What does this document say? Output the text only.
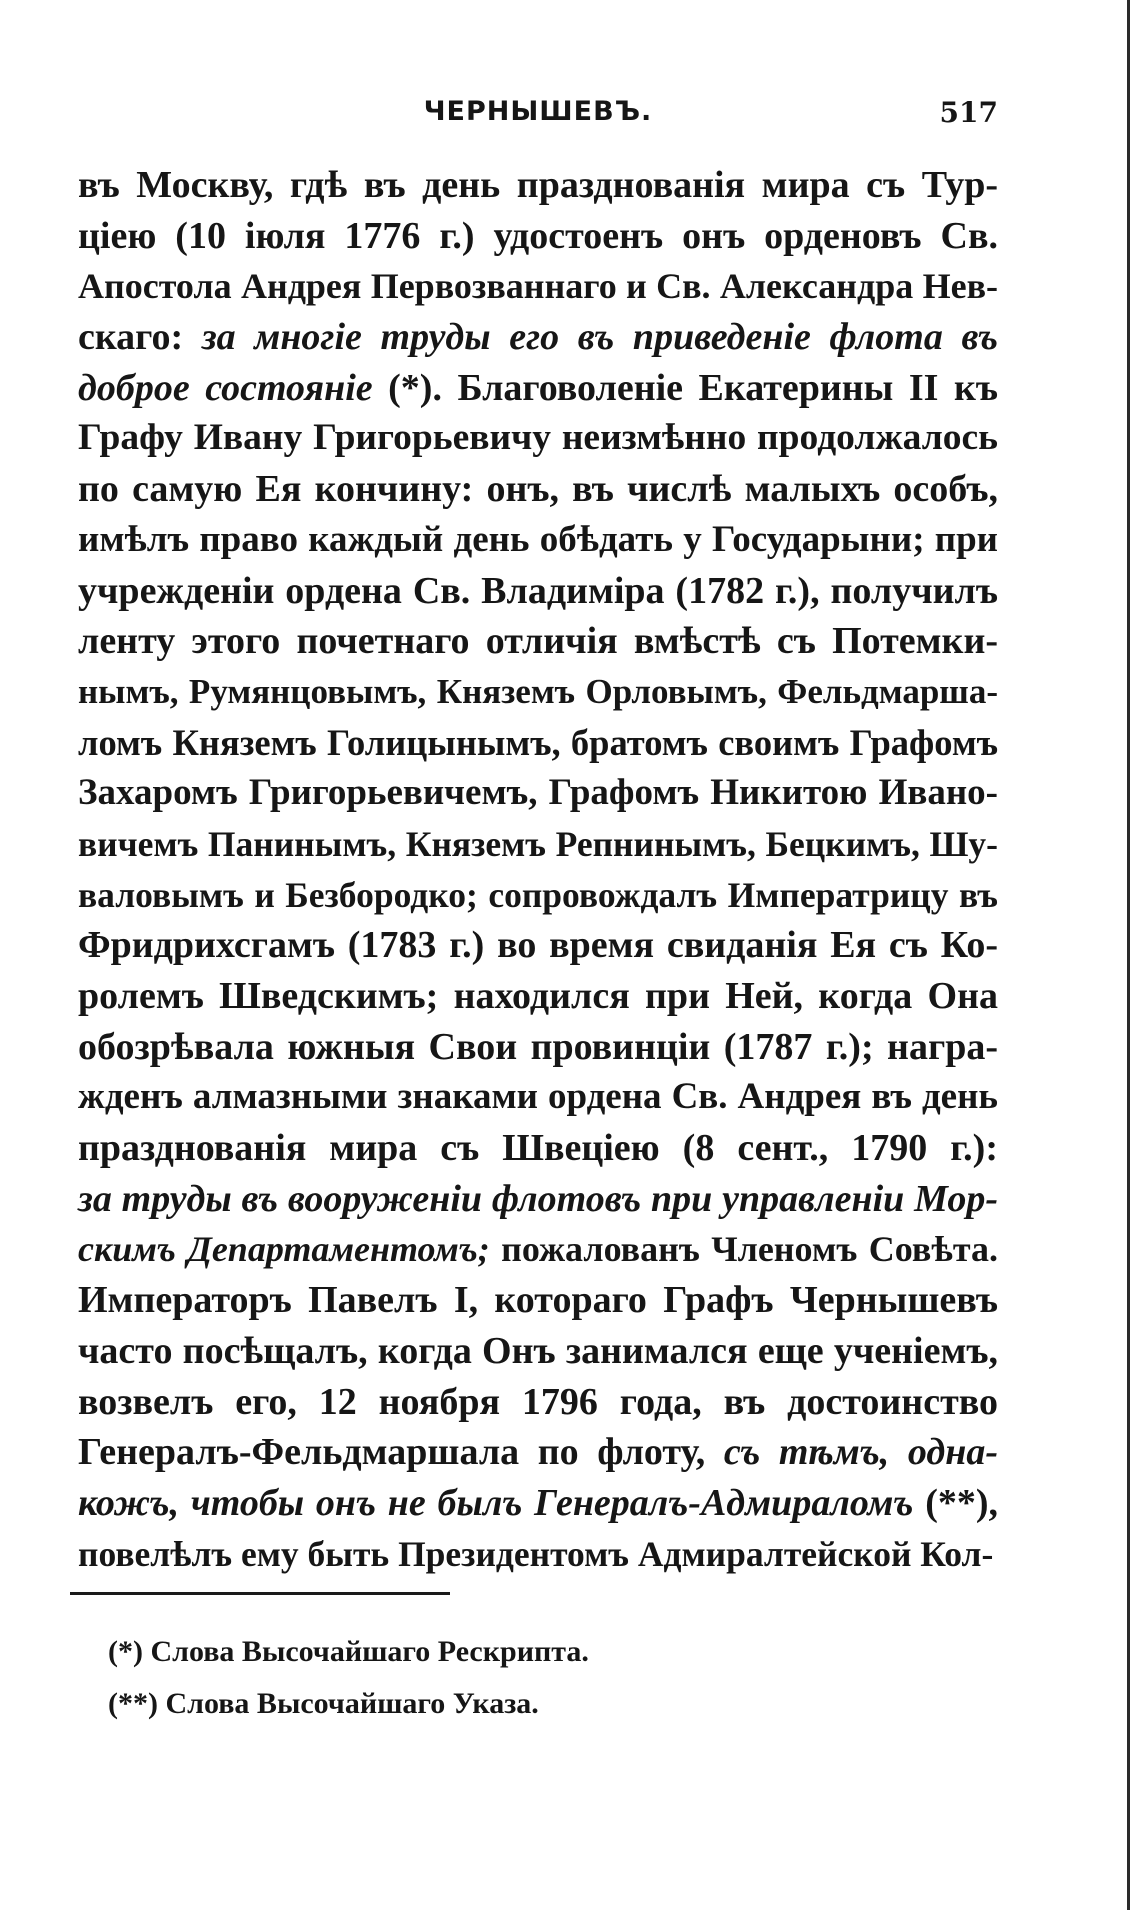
ЧЕРНЫШЕВЪ.	517
въ Москву, гдѣ въ день празднованія мира съ Тур-
ціею (10 іюля 1776 г.) удостоенъ онъ орденовъ Св.
Апостола Андрея Первозваннаго и Св. Александра Нев-
скаго: за многіе труды его въ приведеніе флота въ
доброе состояніе (*). Благоволеніе Екатерины II къ
Графу Ивану Григорьевичу неизмѣнно продолжалось
по самую Ея кончину: онъ, въ числѣ малыхъ особъ,
имѣлъ право каждый день обѣдать у Государыни; при
учрежденіи ордена Св. Владиміра (1782 г.), получилъ
ленту этого почетнаго отличія вмѣстѣ съ Потемки-
нымъ, Румянцовымъ, Княземъ Орловымъ, Фельдмарша-
ломъ Княземъ Голицынымъ, братомъ своимъ Графомъ
Захаромъ Григорьевичемъ, Графомъ Никитою Ивано-
вичемъ Панинымъ, Княземъ Репнинымъ, Бецкимъ, Шу-
валовымъ и Безбородко; сопровождалъ Императрицу въ
Фридрихсгамъ (1783 г.) во время свиданія Ея съ Ко-
ролемъ Шведскимъ; находился при Ней, когда Она
обозрѣвала южныя Свои провинціи (1787 г.); награ-
жденъ алмазными знаками ордена Св. Андрея въ день
празднованія мира съ Швеціею (8 сент., 1790 г.):
за труды въ вооруженіи флотовъ при управленіи Мор-
скимъ Департаментомъ; пожалованъ Членомъ Совѣта.
Императоръ Павелъ I, котораго Графъ Чернышевъ
часто посѣщалъ, когда Онъ занимался еще ученіемъ,
возвелъ его, 12 ноября 1796 года, въ достоинство
Генералъ-Фельдмаршала по флоту, съ тѣмъ, одна-
кожъ, чтобы онъ не былъ Генералъ-Адмираломъ (**),
повелѣлъ ему быть Президентомъ Адмиралтейской Кол-
(*) Слова Высочайшаго Рескрипта.
(**) Слова Высочайшаго Указа.
